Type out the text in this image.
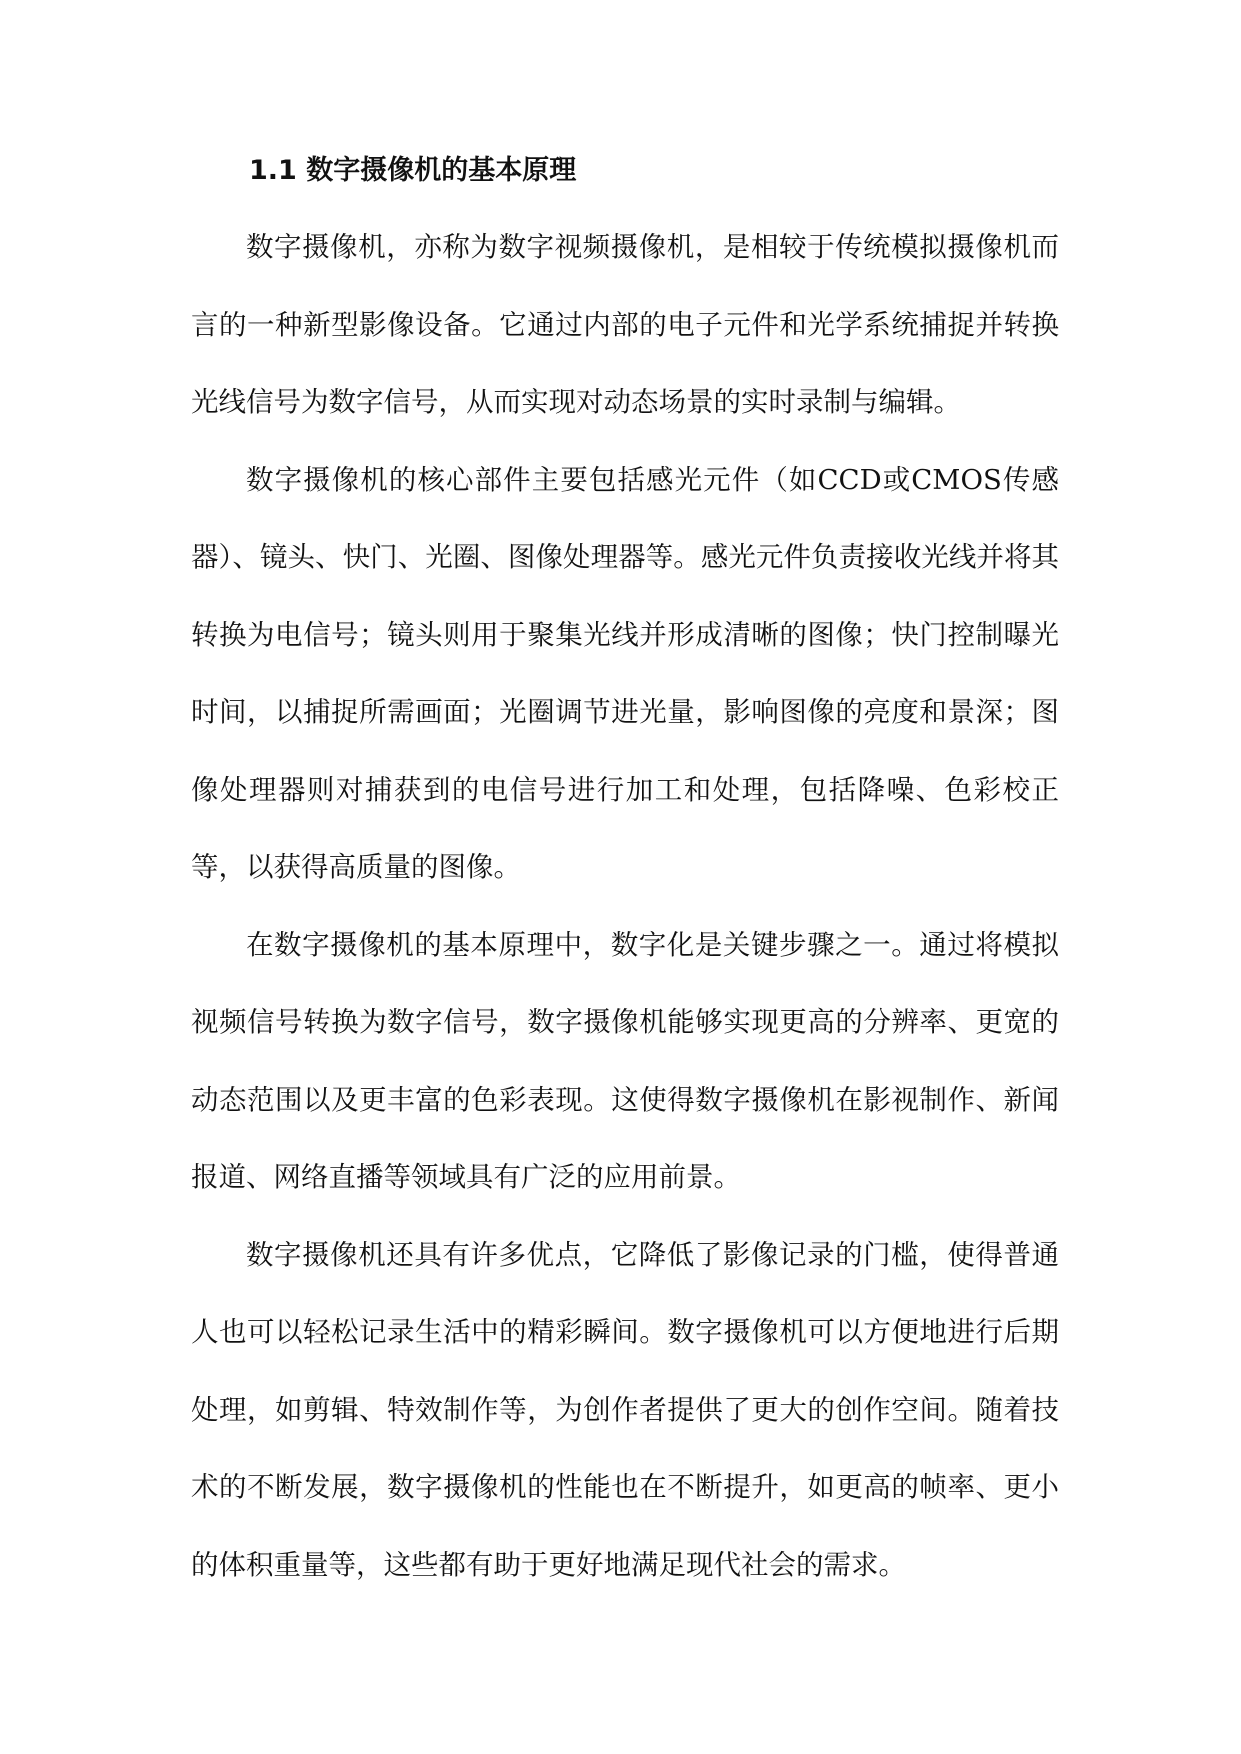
1.1 数字摄像机的基本原理

数字摄像机，亦称为数字视频摄像机，是相较于传统模拟摄像机而言的一种新型影像设备。它通过内部的电子元件和光学系统捕捉并转换光线信号为数字信号，从而实现对动态场景的实时录制与编辑。

数字摄像机的核心部件主要包括感光元件（如CCD或CMOS传感器）、镜头、快门、光圈、图像处理器等。感光元件负责接收光线并将其转换为电信号；镜头则用于聚集光线并形成清晰的图像；快门控制曝光时间，以捕捉所需画面；光圈调节进光量，影响图像的亮度和景深；图像处理器则对捕获到的电信号进行加工和处理，包括降噪、色彩校正等，以获得高质量的图像。

在数字摄像机的基本原理中，数字化是关键步骤之一。通过将模拟视频信号转换为数字信号，数字摄像机能够实现更高的分辨率、更宽的动态范围以及更丰富的色彩表现。这使得数字摄像机在影视制作、新闻报道、网络直播等领域具有广泛的应用前景。

数字摄像机还具有许多优点，它降低了影像记录的门槛，使得普通人也可以轻松记录生活中的精彩瞬间。数字摄像机可以方便地进行后期处理，如剪辑、特效制作等，为创作者提供了更大的创作空间。随着技术的不断发展，数字摄像机的性能也在不断提升，如更高的帧率、更小的体积重量等，这些都有助于更好地满足现代社会的需求。
